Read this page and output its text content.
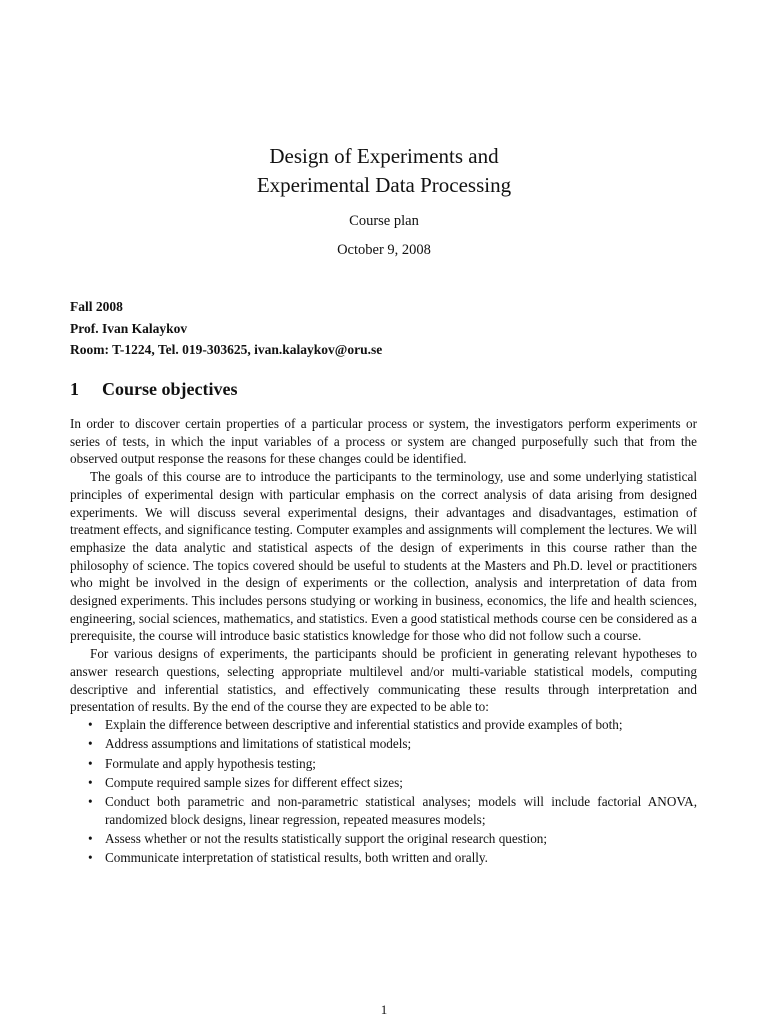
Design of Experiments and
Experimental Data Processing
Course plan
October 9, 2008
Fall 2008
Prof. Ivan Kalaykov
Room: T-1224, Tel. 019-303625, ivan.kalaykov@oru.se
1 Course objectives

In order to discover certain properties of a particular process or system, the investigators perform experiments or series of tests, in which the input variables of a process or system are changed purposefully such that from the observed output response the reasons for these changes could be identified.

The goals of this course are to introduce the participants to the terminology, use and some underlying statistical principles of experimental design with particular emphasis on the correct analysis of data arising from designed experiments. We will discuss several experimental designs, their advantages and disadvantages, estimation of treatment effects, and significance testing. Computer examples and assignments will complement the lectures. We will emphasize the data analytic and statistical aspects of the design of experiments in this course rather than the philosophy of science. The topics covered should be useful to students at the Masters and Ph.D. level or practitioners who might be involved in the design of experiments or the collection, analysis and interpretation of data from designed experiments. This includes persons studying or working in business, economics, the life and health sciences, engineering, social sciences, mathematics, and statistics. Even a good statistical methods course cen be considered as a prerequisite, the course will introduce basic statistics knowledge for those who did not follow such a course.

For various designs of experiments, the participants should be proficient in generating relevant hypotheses to answer research questions, selecting appropriate multilevel and/or multi-variable statistical models, computing descriptive and inferential statistics, and effectively communicating these results through interpretation and presentation of results. By the end of the course they are expected to be able to:

• Explain the difference between descriptive and inferential statistics and provide examples of both;
• Address assumptions and limitations of statistical models;
• Formulate and apply hypothesis testing;
• Compute required sample sizes for different effect sizes;
• Conduct both parametric and non-parametric statistical analyses; models will include factorial ANOVA, randomized block designs, linear regression, repeated measures models;
• Assess whether or not the results statistically support the original research question;
• Communicate interpretation of statistical results, both written and orally.
1
